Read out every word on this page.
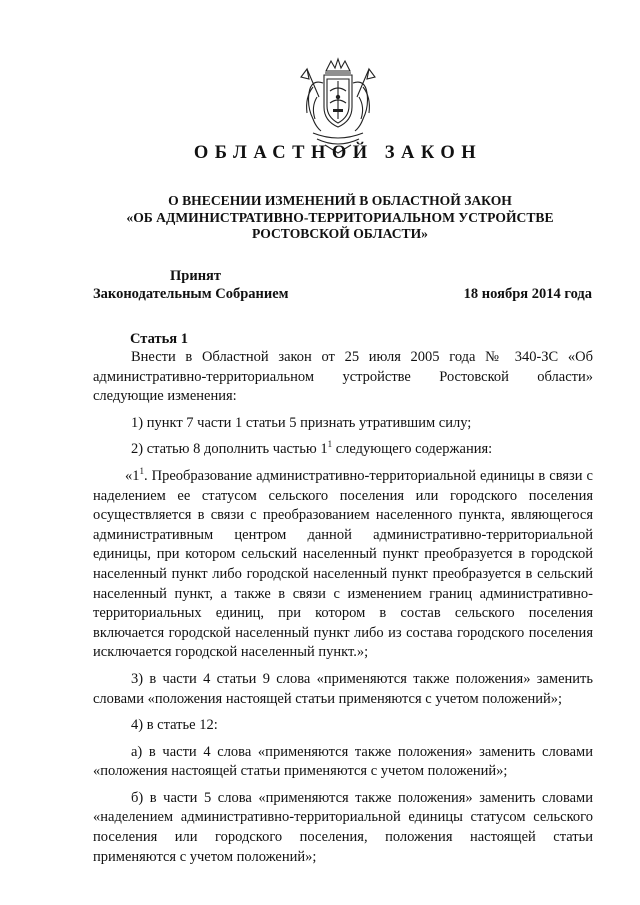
ОБЛАСТНОЙ ЗАКОН
О ВНЕСЕНИИ ИЗМЕНЕНИЙ В ОБЛАСТНОЙ ЗАКОН
«ОБ АДМИНИСТРАТИВНО-ТЕРРИТОРИАЛЬНОМ УСТРОЙСТВЕ
РОСТОВСКОЙ ОБЛАСТИ»
Принят
Законодательным Собранием	18 ноября 2014 года
Статья 1

Внести в Областной закон от 25 июля 2005 года № 340-ЗС «Об административно-территориальном устройстве Ростовской области» следующие изменения:

1) пункт 7 части 1 статьи 5 признать утратившим силу;

2) статью 8 дополнить частью $1^1$ следующего содержания:

«$1^1$. Преобразование административно-территориальной единицы в связи с наделением ее статусом сельского поселения или городского поселения осуществляется в связи с преобразованием населенного пункта, являющегося административным центром данной административно-территориальной единицы, при котором сельский населенный пункт преобразуется в городской населенный пункт либо городской населенный пункт преобразуется в сельский населенный пункт, а также в связи с изменением границ административно-территориальных единиц, при котором в состав сельского поселения включается городской населенный пункт либо из состава городского поселения исключается городской населенный пункт.»;

3) в части 4 статьи 9 слова «применяются также положения» заменить словами «положения настоящей статьи применяются с учетом положений»;

4) в статье 12:

а) в части 4 слова «применяются также положения» заменить словами «положения настоящей статьи применяются с учетом положений»;

б) в части 5 слова «применяются также положения» заменить словами «наделением административно-территориальной единицы статусом сельского поселения или городского поселения, положения настоящей статьи применяются с учетом положений»;
